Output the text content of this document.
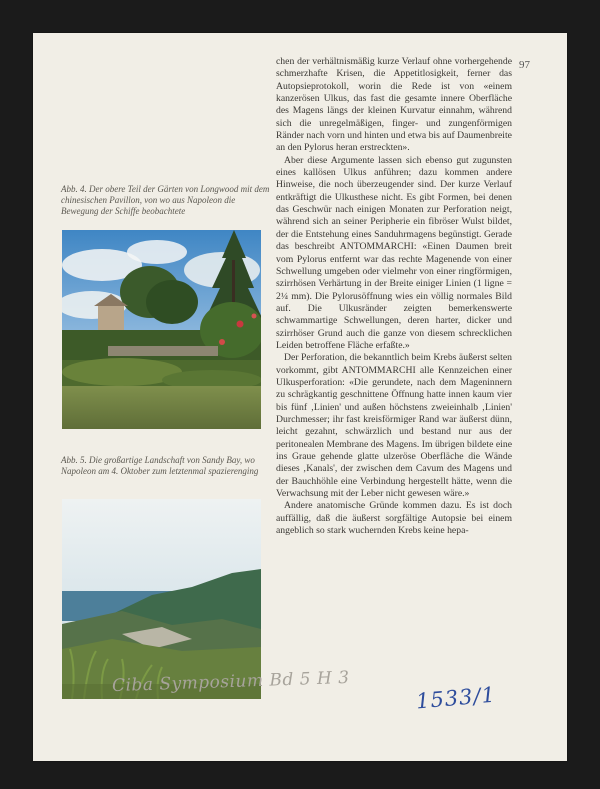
97
Abb. 4. Der obere Teil der Gärten von Longwood mit dem chinesischen Pavillon, von wo aus Napoleon die Bewegung der Schiffe beobachtete
Abb. 5. Die großartige Landschaft von Sandy Bay, wo Napoleon am 4. Oktober zum letztenmal spazierenging

chen der verhältnismäßig kurze Verlauf ohne vorhergehende schmerzhafte Krisen, die Appetitlosigkeit, ferner das Autopsieprotokoll, worin die Rede ist von «einem kanzerösen Ulkus, das fast die gesamte innere Oberfläche des Magens längs der kleinen Kurvatur einnahm, während sich die unregelmäßigen, finger- und zungenförmigen Ränder nach vorn und hinten und etwa bis auf Daumenbreite an den Pylorus heran erstreckten».

Aber diese Argumente lassen sich ebenso gut zugunsten eines kallösen Ulkus anführen; dazu kommen andere Hinweise, die noch überzeugender sind. Der kurze Verlauf entkräftigt die Ulkusthese nicht. Es gibt Formen, bei denen das Geschwür nach einigen Monaten zur Perforation neigt, während sich an seiner Peripherie ein fibröser Wulst bildet, der die Entstehung eines Sanduhrmagens begünstigt. Gerade das beschreibt ANTOMMARCHI: «Einen Daumen breit vom Pylorus entfernt war das rechte Magenende von einer Schwellung umgeben oder vielmehr von einer ringförmigen, szirrhösen Verhärtung in der Breite einiger Linien (1 ligne = 2¼ mm). Die Pylorusöffnung wies ein völlig normales Bild auf. Die Ulkusränder zeigten bemerkenswerte schwammartige Schwellungen, deren harter, dicker und szirrhöser Grund auch die ganze von diesem schrecklichen Leiden betroffene Fläche erfaßte.»

Der Perforation, die bekanntlich beim Krebs äußerst selten vorkommt, gibt ANTOMMARCHI alle Kennzeichen einer Ulkusperforation: «Die gerundete, nach dem Mageninnern zu schrägkantig geschnittene Öffnung hatte innen kaum vier bis fünf ‚Linien' und außen höchstens zweieinhalb ‚Linien' Durchmesser; ihr fast kreisförmiger Rand war äußerst dünn, leicht gezahnt, schwärzlich und bestand nur aus der peritonealen Membrane des Magens. Im übrigen bildete eine ins Graue gehende glatte ulzeröse Oberfläche die Wände dieses ‚Kanals', der zwischen dem Cavum des Magens und der Bauchhöhle eine Verbindung hergestellt hätte, wenn die Verwachsung mit der Leber nicht gewesen wäre.»

Andere anatomische Gründe kommen dazu. Es ist doch auffällig, daß die äußerst sorgfältige Autopsie bei einem angeblich so stark wuchernden Krebs keine hepa-

Ciba Symposium Bd 5 H 3
1533/1
